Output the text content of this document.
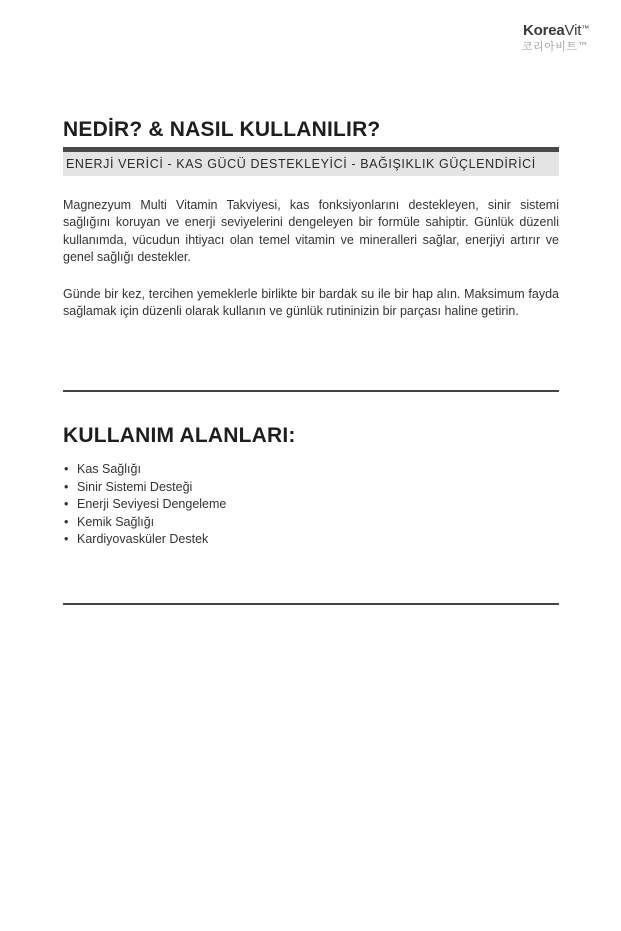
KoreaVit™
코리아비트™
NEDİR? & NASIL KULLANILIR?
ENERJİ VERİCİ - KAS GÜCÜ DESTEKLEYİCİ - BAĞIŞIKLIK GÜÇLENDİRİCİ

Magnezyum Multi Vitamin Takviyesi, kas fonksiyonlarını destekleyen, sinir sistemi sağlığını koruyan ve enerji seviyelerini dengeleyen bir formüle sahiptir. Günlük düzenli kullanımda, vücudun ihtiyacı olan temel vitamin ve mineralleri sağlar, enerjiyi artırır ve genel sağlığı destekler.

Günde bir kez, tercihen yemeklerle birlikte bir bardak su ile bir hap alın. Maksimum fayda sağlamak için düzenli olarak kullanın ve günlük rutininizin bir parçası haline getirin.

KULLANIM ALANLARI:
• Kas Sağlığı
• Sinir Sistemi Desteği
• Enerji Seviyesi Dengeleme
• Kemik Sağlığı
• Kardiyovasküler Destek
